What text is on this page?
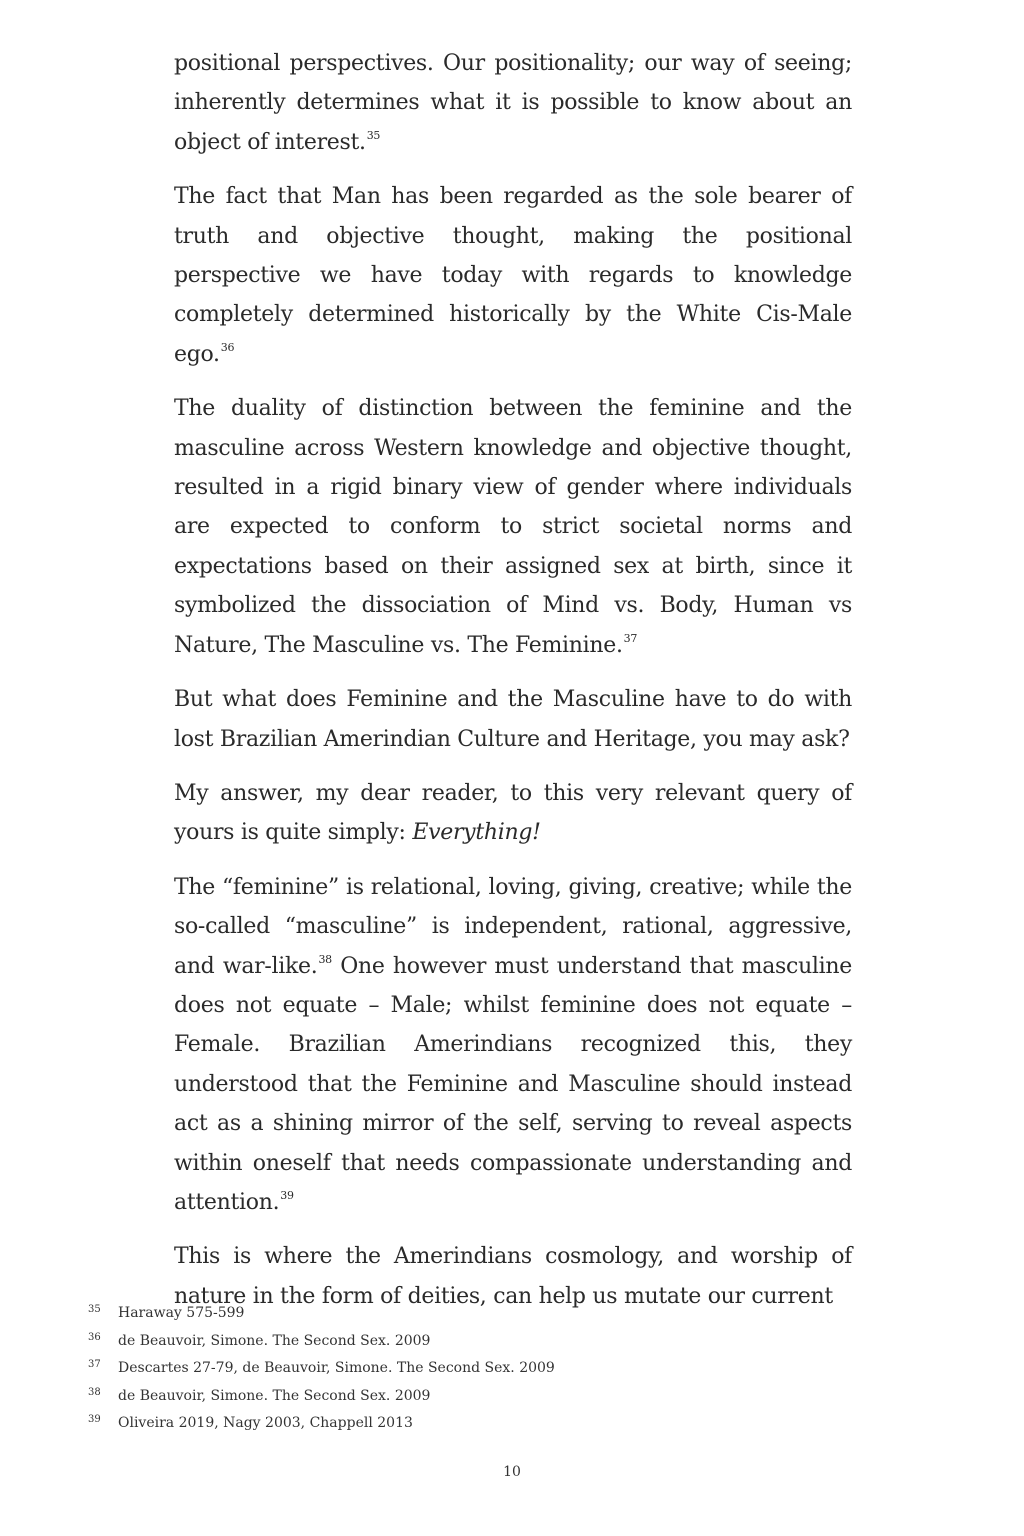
positional perspectives. Our positionality; our way of seeing; inherently determines what it is possible to know about an object of interest.$^{35}$

The fact that Man has been regarded as the sole bearer of truth and objective thought, making the positional perspective we have today with regards to knowledge completely determined historically by the White Cis-Male ego.$^{36}$

The duality of distinction between the feminine and the masculine across Western knowledge and objective thought, resulted in a rigid binary view of gender where individuals are expected to conform to strict societal norms and expectations based on their assigned sex at birth, since it symbolized the dissociation of Mind vs. Body, Human vs Nature, The Masculine vs. The Feminine.$^{37}$

But what does Feminine and the Masculine have to do with lost Brazilian Amerindian Culture and Heritage, you may ask?

My answer, my dear reader, to this very relevant query of yours is quite simply: Everything!

The “feminine” is relational, loving, giving, creative; while the so-called “masculine” is independent, rational, aggressive, and war-like.$^{38}$ One however must understand that masculine does not equate – Male; whilst feminine does not equate – Female. Brazilian Amerindians recognized this, they understood that the Feminine and Masculine should instead act as a shining mirror of the self, serving to reveal aspects within oneself that needs compassionate understanding and attention.$^{39}$

This is where the Amerindians cosmology, and worship of nature in the form of deities, can help us mutate our current

35 Haraway 575-599
36 de Beauvoir, Simone. The Second Sex. 2009
37 Descartes 27-79, de Beauvoir, Simone. The Second Sex. 2009
38 de Beauvoir, Simone. The Second Sex. 2009
39 Oliveira 2019, Nagy 2003, Chappell 2013
10
